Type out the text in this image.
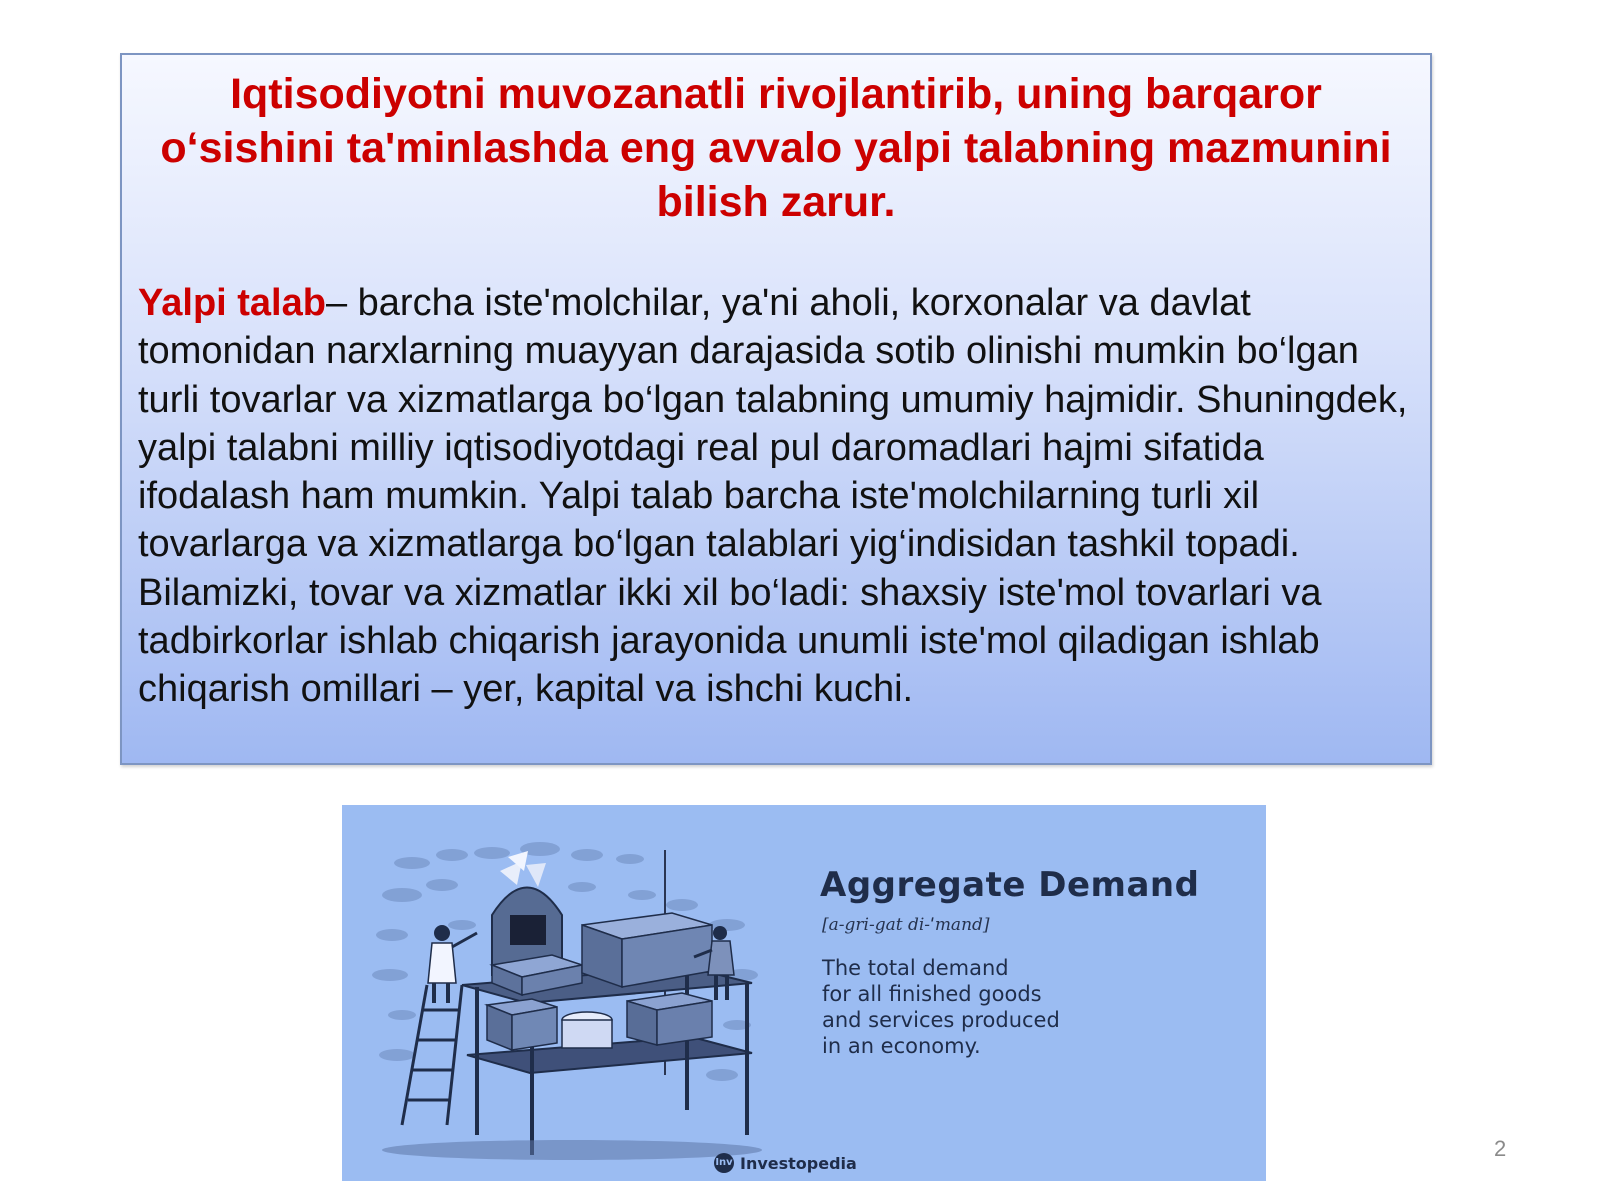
Iqtisodiyotni muvozanatli rivojlantirib, uning barqaror o‘sishini ta'minlashda eng avvalo yalpi talabning mazmunini bilish zarur.

Yalpi talab– barcha iste'molchilar, ya'ni aholi, korxonalar va davlat tomonidan narxlarning muayyan darajasida sotib olinishi mumkin bo‘lgan turli tovarlar va xizmatlarga bo‘lgan talabning umumiy hajmidir. Shuningdek, yalpi talabni milliy iqtisodiyotdagi real pul daromadlari hajmi sifatida ifodalash ham mumkin. Yalpi talab barcha iste'molchilarning turli xil tovarlarga va xizmatlarga bo‘lgan talablari yig‘indisidan tashkil topadi. Bilamizki, tovar va xizmatlar ikki xil bo‘ladi: shaxsiy iste'mol tovarlari va tadbirkorlar ishlab chiqarish jarayonida unumli iste'mol qiladigan ishlab chiqarish omillari – yer, kapital va ishchi kuchi.

Aggregate Demand
[a-gri-gat di-ˈmand]
The total demand
for all finished goods
and services produced
in an economy.
Inv Investopedia
2
